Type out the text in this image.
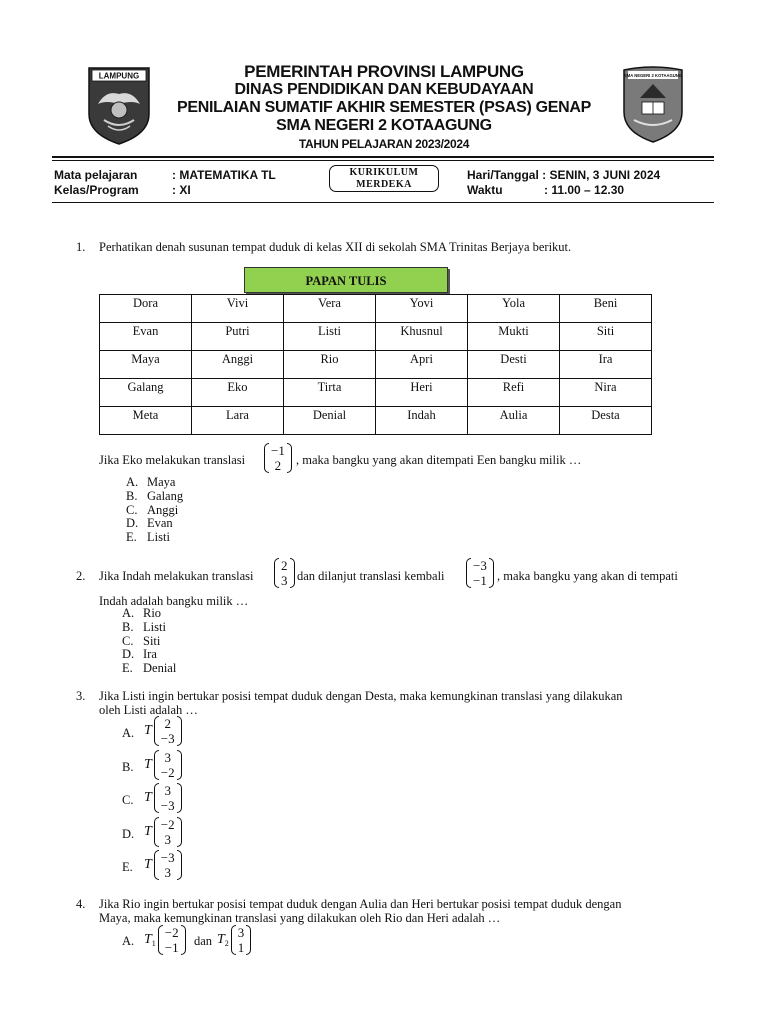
LAMPUNG	SMA NEGERI 2 KOTAAGUNG
PEMERINTAH PROVINSI LAMPUNG
DINAS PENDIDIKAN DAN KEBUDAYAAN
PENILAIAN SUMATIF AKHIR SEMESTER (PSAS) GENAP
SMA NEGERI 2 KOTAAGUNG
TAHUN PELAJARAN 2023/2024
Mata pelajaran	: MATEMATIKA TL
Kelas/Program	: XI
KURIKULUM
MERDEKA
Hari/Tanggal : SENIN, 3 JUNI 2024
Waktu	: 11.00 – 12.30
1. Perhatikan denah susunan tempat duduk di kelas XII di sekolah SMA Trinitas Berjaya berikut.
PAPAN TULIS
Dora	Vivi	Vera	Yovi	Yola	Beni
Evan	Putri	Listi	Khusnul	Mukti	Siti
Maya	Anggi	Rio	Apri	Desti	Ira
Galang	Eko	Tirta	Heri	Refi	Nira
Meta	Lara	Denial	Indah	Aulia	Desta
Jika Eko melakukan translasi
−1
2 , maka bangku yang akan ditempati Een bangku milik …
A. Maya
B. Galang
C. Anggi
D. Evan
E. Listi
2. Jika Indah melakukan translasi
2
3 dan dilanjut translasi kembali
−3
−1 , maka bangku yang akan di tempati
Indah adalah bangku milik …
A. Rio
B. Listi
C. Siti
D. Ira
E. Denial
3. Jika Listi ingin bertukar posisi tempat duduk dengan Desta, maka kemungkinan translasi yang dilakukan
oleh Listi adalah …
A. T 2
−3
B. T 3
−2
C. T 3
−3
D. T −2
3
E. T −3
3
4. Jika Rio ingin bertukar posisi tempat duduk dengan Aulia dan Heri bertukar posisi tempat duduk dengan
Maya, maka kemungkinan translasi yang dilakukan oleh Rio dan Heri adalah …
A. $T_1$
−2
−1 dan $T_2$
3
1
